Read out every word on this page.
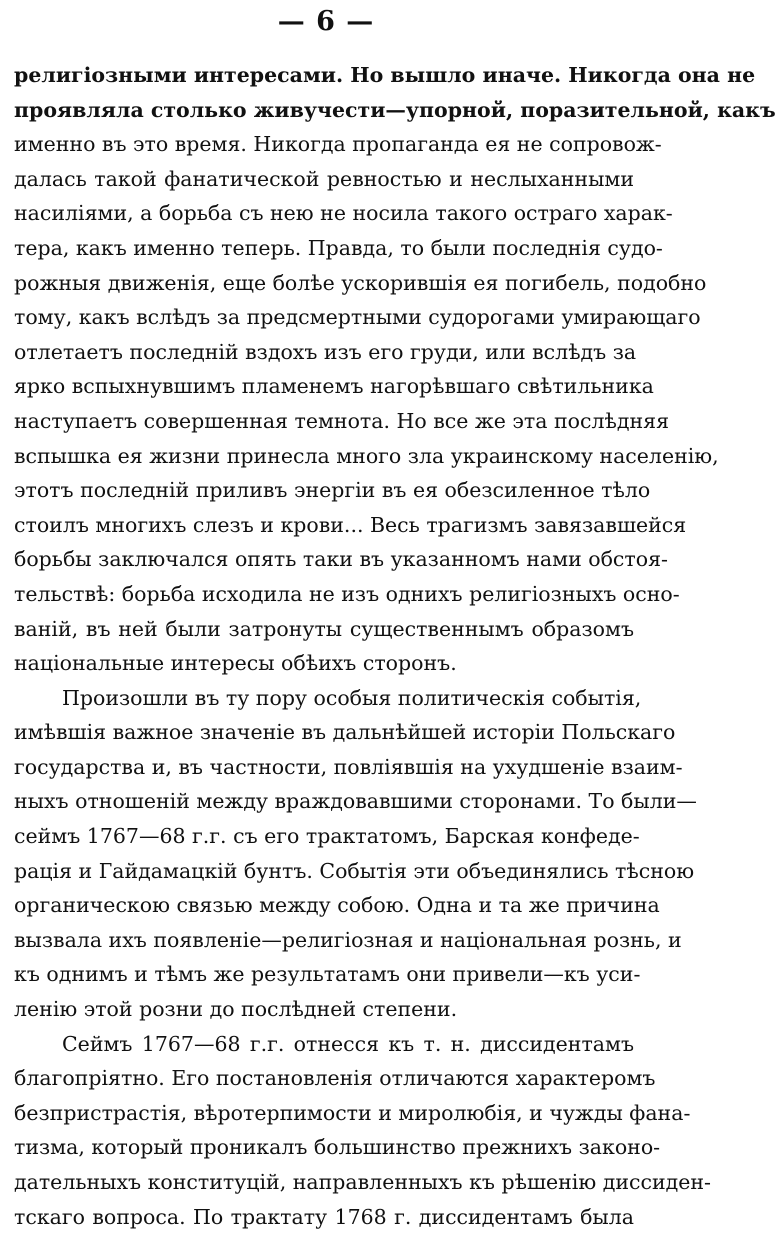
— 6 —
религіозными интересами. Но вышло иначе. Никогда она не
проявляла столько живучести—упорной, поразительной, какъ
именно въ это время. Никогда пропаганда ея не сопровож-
далась такой фанатической ревностью и неслыханными
насиліями, а борьба съ нею не носила такого остраго харак-
тера, какъ именно теперь. Правда, то были последнія судо-
рожныя движенія, еще болѣе ускорившія ея погибель, подобно
тому, какъ вслѣдъ за предсмертными судорогами умирающаго
отлетаетъ последній вздохъ изъ его груди, или вслѣдъ за
ярко вспыхнувшимъ пламенемъ нагорѣвшаго свѣтильника
наступаетъ совершенная темнота. Но все же эта послѣдняя
вспышка ея жизни принесла много зла украинскому населенію,
этотъ последній приливъ энергіи въ ея обезсиленное тѣло
стоилъ многихъ слезъ и крови... Весь трагизмъ завязавшейся
борьбы заключался опять таки въ указанномъ нами обстоя-
тельствѣ: борьба исходила не изъ однихъ религіозныхъ осно-
ваній, въ ней были затронуты существеннымъ образомъ
національные интересы обѣихъ сторонъ.
Произошли въ ту пору особыя политическія событія,
имѣвшія важное значеніе въ дальнѣйшей исторіи Польскаго
государства и, въ частности, повліявшія на ухудшеніе взаим-
ныхъ отношеній между враждовавшими сторонами. То были—
сеймъ 1767—68 г.г. съ его трактатомъ, Барская конфеде-
рація и Гайдамацкій бунтъ. Событія эти объединялись тѣсною
органическою связью между собою. Одна и та же причина
вызвала ихъ появленіе—религіозная и національная рознь, и
къ однимъ и тѣмъ же результатамъ они привели—къ уси-
ленію этой розни до послѣдней степени.
Сеймъ 1767—68 г.г. отнесся къ т. н. диссидентамъ
благопріятно. Его постановленія отличаются характеромъ
безпристрастія, вѣротерпимости и миролюбія, и чужды фана-
тизма, который проникалъ большинство прежнихъ законо-
дательныхъ конституцій, направленныхъ къ рѣшенію диссиден-
тскаго вопроса. По трактату 1768 г. диссидентамъ была
